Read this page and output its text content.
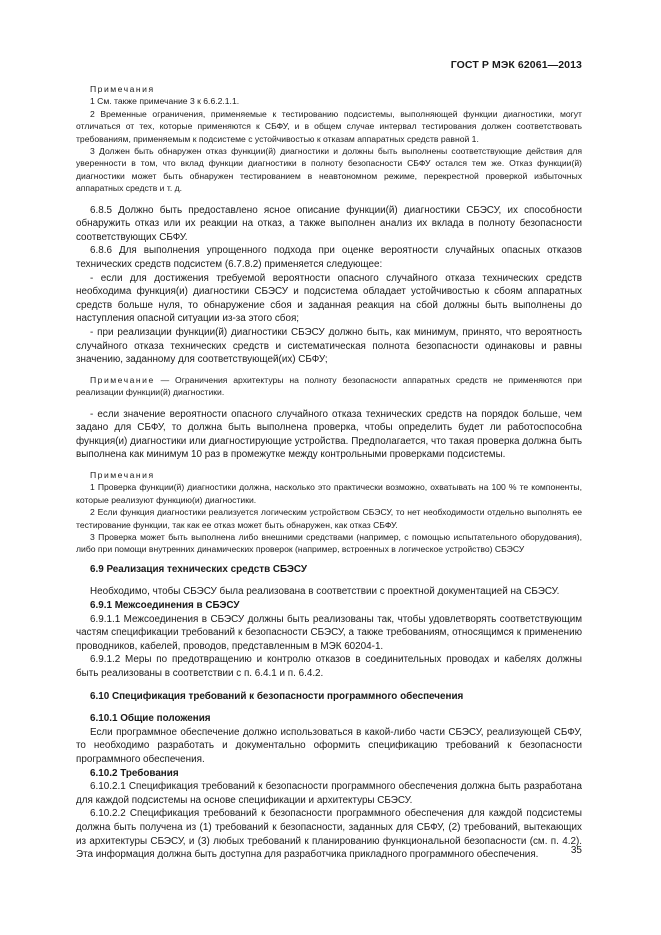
ГОСТ Р МЭК 62061—2013

Примечания

1 См. также примечание 3 к 6.6.2.1.1.

2 Временные ограничения, применяемые к тестированию подсистемы, выполняющей функции диагностики, могут отличаться от тех, которые применяются к СБФУ, и в общем случае интервал тестирования должен соответствовать требованиям, применяемым к подсистеме с устойчивостью к отказам аппаратных средств равной 1.

3 Должен быть обнаружен отказ функции(й) диагностики и должны быть выполнены соответствующие действия для уверенности в том, что вклад функции диагностики в полноту безопасности СБФУ остался тем же. Отказ функции(й) диагностики может быть обнаружен тестированием в неавтономном режиме, перекрестной проверкой избыточных аппаратных средств и т. д.

6.8.5 Должно быть предоставлено ясное описание функции(й) диагностики СБЭСУ, их способности обнаружить отказ или их реакции на отказ, а также выполнен анализ их вклада в полноту безопасности соответствующих СБФУ.

6.8.6 Для выполнения упрощенного подхода при оценке вероятности случайных опасных отказов технических средств подсистем (6.7.8.2) применяется следующее:

- если для достижения требуемой вероятности опасного случайного отказа технических средств необходима функция(и) диагностики СБЭСУ и подсистема обладает устойчивостью к сбоям аппаратных средств больше нуля, то обнаружение сбоя и заданная реакция на сбой должны быть выполнены до наступления опасной ситуации из-за этого сбоя;

- при реализации функции(й) диагностики СБЭСУ должно быть, как минимум, принято, что вероятность случайного отказа технических средств и систематическая полнота безопасности одинаковы и равны значению, заданному для соответствующей(их) СБФУ;

Примечание — Ограничения архитектуры на полноту безопасности аппаратных средств не применяются при реализации функции(й) диагностики.

- если значение вероятности опасного случайного отказа технических средств на порядок больше, чем задано для СБФУ, то должна быть выполнена проверка, чтобы определить будет ли работоспособна функция(и) диагностики или диагностирующие устройства. Предполагается, что такая проверка должна быть выполнена как минимум 10 раз в промежутке между контрольными проверками подсистемы.

Примечания

1 Проверка функции(й) диагностики должна, насколько это практически возможно, охватывать на 100 % те компоненты, которые реализуют функцию(и) диагностики.

2 Если функция диагностики реализуется логическим устройством СБЭСУ, то нет необходимости отдельно выполнять ее тестирование функции, так как ее отказ может быть обнаружен, как отказ СБФУ.

3 Проверка может быть выполнена либо внешними средствами (например, с помощью испытательного оборудования), либо при помощи внутренних динамических проверок (например, встроенных в логическое устройство) СБЭСУ

6.9 Реализация технических средств СБЭСУ

Необходимо, чтобы СБЭСУ была реализована в соответствии с проектной документацией на СБЭСУ.

6.9.1 Межсоединения в СБЭСУ

6.9.1.1 Межсоединения в СБЭСУ должны быть реализованы так, чтобы удовлетворять соответствующим частям спецификации требований к безопасности СБЭСУ, а также требованиям, относящимся к применению проводников, кабелей, проводов, представленным в МЭК 60204-1.

6.9.1.2 Меры по предотвращению и контролю отказов в соединительных проводах и кабелях должны быть реализованы в соответствии с п. 6.4.1 и п. 6.4.2.

6.10 Спецификация требований к безопасности программного обеспечения

6.10.1 Общие положения

Если программное обеспечение должно использоваться в какой-либо части СБЭСУ, реализующей СБФУ, то необходимо разработать и документально оформить спецификацию требований к безопасности программного обеспечения.

6.10.2 Требования

6.10.2.1 Спецификация требований к безопасности программного обеспечения должна быть разработана для каждой подсистемы на основе спецификации и архитектуры СБЭСУ.

6.10.2.2 Спецификация требований к безопасности программного обеспечения для каждой подсистемы должна быть получена из (1) требований к безопасности, заданных для СБФУ, (2) требований, вытекающих из архитектуры СБЭСУ, и (3) любых требований к планированию функциональной безопасности (см. п. 4.2). Эта информация должна быть доступна для разработчика прикладного программного обеспечения.	35
